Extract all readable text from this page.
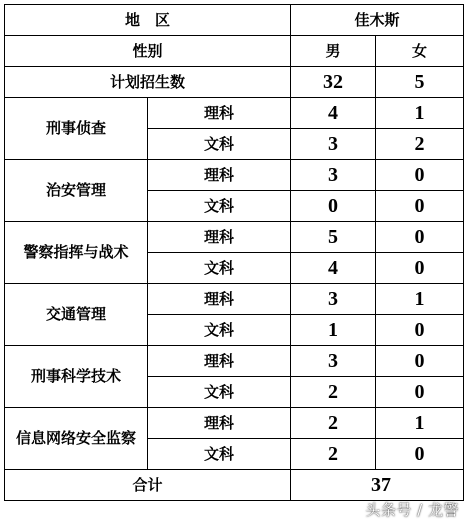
地　区		佳木斯	
性别		男	女
计划招生数		32	5
刑事侦查	理科	4	1
	文科	3	2
治安管理	理科	3	0
	文科	0	0
警察指挥与战术	理科	5	0
	文科	4	0
交通管理	理科	3	1
	文科	1	0
刑事科学技术	理科	3	0
	文科	2	0
信息网络安全监察	理科	2	1
	文科	2	0
合计		37	
头条号 / 龙警
